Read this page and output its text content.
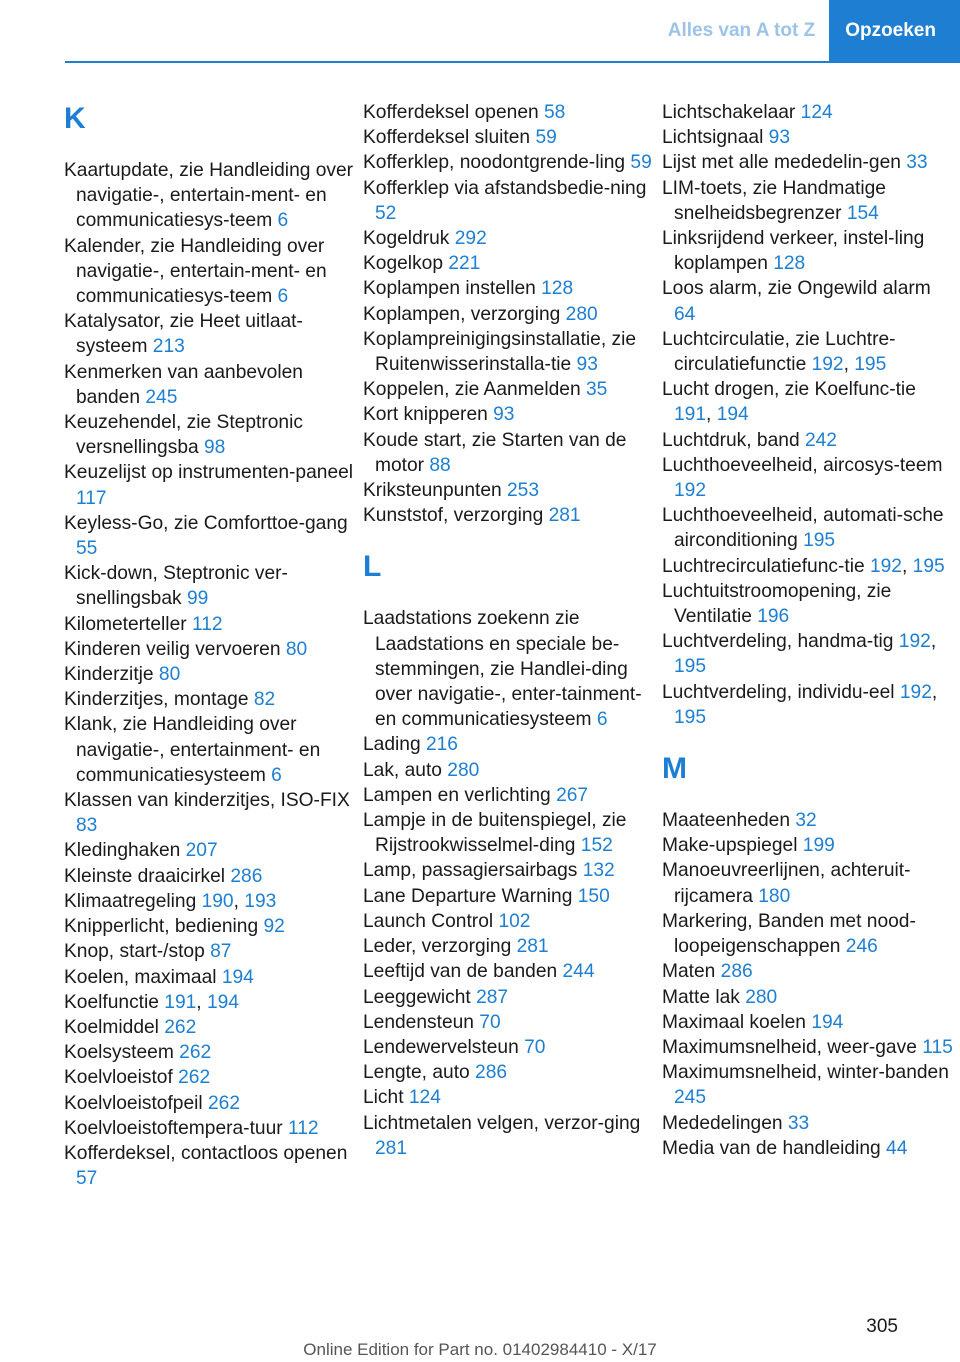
Alles van A tot Z	Opzoeken
K
Kaartupdate, zie Handleiding over navigatie-, entertain-ment- en communicatiesys-teem 6
Kalender, zie Handleiding over navigatie-, entertain-ment- en communicatiesys-teem 6
Katalysator, zie Heet uitlaat-systeem 213
Kenmerken van aanbevolen banden 245
Keuzehendel, zie Steptronic versnellingsba 98
Keuzelijst op instrumenten-paneel 117
Keyless-Go, zie Comforttoe-gang 55
Kick-down, Steptronic ver-snellingsbak 99
Kilometerteller 112
Kinderen veilig vervoeren 80
Kinderzitje 80
Kinderzitjes, montage 82
Klank, zie Handleiding over navigatie-, entertainment- en communicatiesysteem 6
Klassen van kinderzitjes, ISO-FIX 83
Kledinghaken 207
Kleinste draaicirkel 286
Klimaatregeling 190, 193
Knipperlicht, bediening 92
Knop, start-/stop 87
Koelen, maximaal 194
Koelfunctie 191, 194
Koelmiddel 262
Koelsysteem 262
Koelvloeistof 262
Koelvloeistofpeil 262
Koelvloeistoftempera-tuur 112
Kofferdeksel, contactloos openen 57
Kofferdeksel openen 58
Kofferdeksel sluiten 59
Kofferklep, noodontgrende-ling 59
Kofferklep via afstandsbedie-ning 52
Kogeldruk 292
Kogelkop 221
Koplampen instellen 128
Koplampen, verzorging 280
Koplampreinigingsinstallatie, zie Ruitenwisserinstalla-tie 93
Koppelen, zie Aanmelden 35
Kort knipperen 93
Koude start, zie Starten van de motor 88
Kriksteunpunten 253
Kunststof, verzorging 281
L
Laadstations zoekenn zie Laadstations en speciale be-stemmingen, zie Handlei-ding over navigatie-, enter-tainment- en communicatiesysteem 6
Lading 216
Lak, auto 280
Lampen en verlichting 267
Lampje in de buitenspiegel, zie Rijstrookwisselmel-ding 152
Lamp, passagiersairbags 132
Lane Departure Warning 150
Launch Control 102
Leder, verzorging 281
Leeftijd van de banden 244
Leeggewicht 287
Lendensteun 70
Lendewervelsteun 70
Lengte, auto 286
Licht 124
Lichtmetalen velgen, verzor-ging 281
Lichtschakelaar 124
Lichtsignaal 93
Lijst met alle mededelin-gen 33
LIM-toets, zie Handmatige snelheidsbegrenzer 154
Linksrijdend verkeer, instel-ling koplampen 128
Loos alarm, zie Ongewild alarm 64
Luchtcirculatie, zie Luchtre-circulatiefunctie 192, 195
Lucht drogen, zie Koelfunc-tie 191, 194
Luchtdruk, band 242
Luchthoeveelheid, aircosys-teem 192
Luchthoeveelheid, automati-sche airconditioning 195
Luchtrecirculatiefunc-tie 192, 195
Luchtuitstroomopening, zie Ventilatie 196
Luchtverdeling, handma-tig 192, 195
Luchtverdeling, individu-eel 192, 195
M
Maateenheden 32
Make-upspiegel 199
Manoeuvreerlijnen, achteruit-rijcamera 180
Markering, Banden met nood-loopeigenschappen 246
Maten 286
Matte lak 280
Maximaal koelen 194
Maximumsnelheid, weer-gave 115
Maximumsnelheid, winter-banden 245
Mededelingen 33
Media van de handleiding 44
305
Online Edition for Part no. 01402984410 - X/17
